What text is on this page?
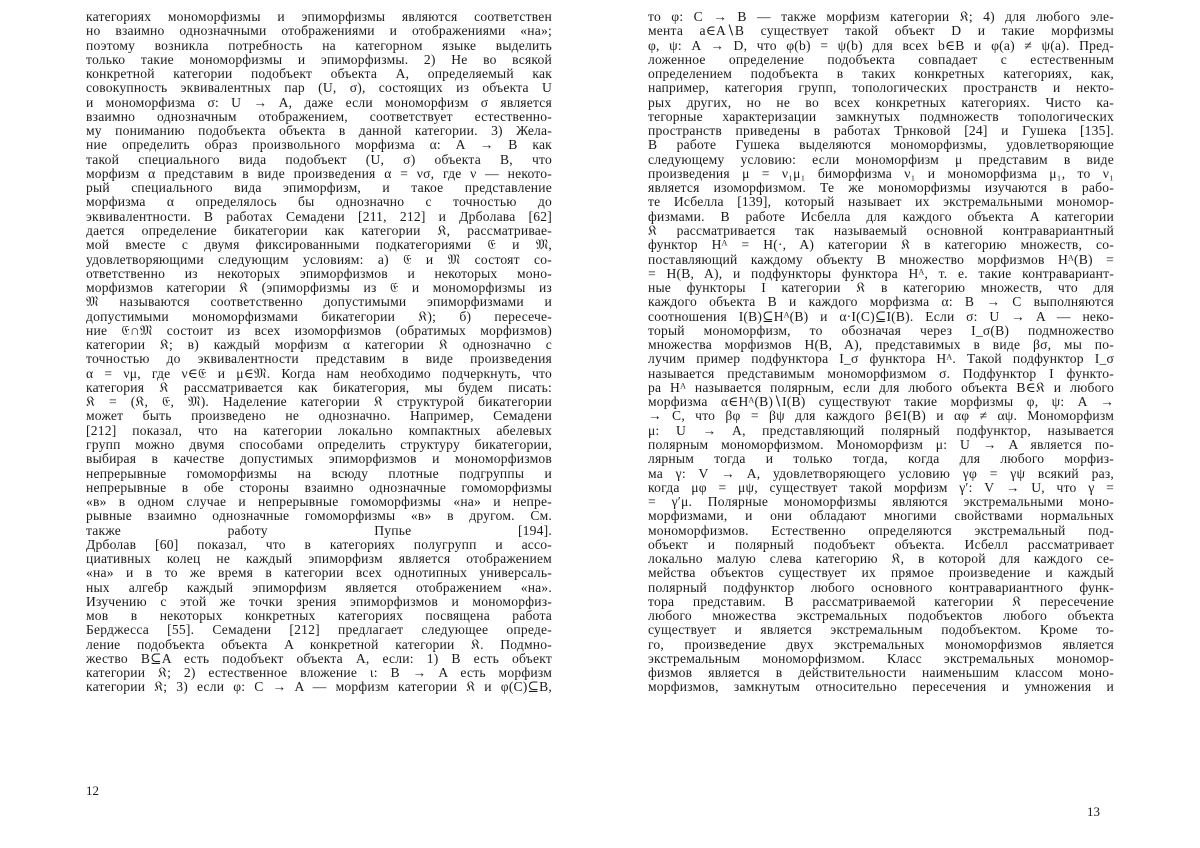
категориях мономорфизмы и эпиморфизмы являются соответствен
но взаимно однозначными отображениями и отображениями «на»;
поэтому возникла потребность на категорном языке выделить
только такие мономорфизмы и эпиморфизмы. 2) Не во всякой
конкретной категории подобъект объекта A, определяемый как
совокупность эквивалентных пар (U, σ), состоящих из объекта U
и мономорфизма σ: U → A, даже если мономорфизм σ является
взаимно однозначным отображением, соответствует естественно-
му пониманию подобъекта объекта в данной категории. 3) Жела-
ние определить образ произвольного морфизма α: A → B как
такой специального вида подобъект (U, σ) объекта B, что
морфизм α представим в виде произведения α = νσ, где ν — некото-
рый специального вида эпиморфизм, и такое представление
морфизма α определялось бы однозначно с точностью до
эквивалентности. В работах Семадени [211, 212] и Дрболава [62]
дается определение бикатегории как категории 𝔎, рассматривае-
мой вместе с двумя фиксированными подкатегориями 𝔈 и 𝔐,
удовлетворяющими следующим условиям: а) 𝔈 и 𝔐 состоят со-
ответственно из некоторых эпиморфизмов и некоторых моно-
морфизмов категории 𝔎 (эпиморфизмы из 𝔈 и мономорфизмы из
𝔐 называются соответственно допустимыми эпиморфизмами и
допустимыми мономорфизмами бикатегории 𝔎); б) пересече-
ние 𝔈∩𝔐 состоит из всех изоморфизмов (обратимых морфизмов)
категории 𝔎; в) каждый морфизм α категории 𝔎 однозначно с
точностью до эквивалентности представим в виде произведения
α = νμ, где ν∈𝔈 и μ∈𝔐. Когда нам необходимо подчеркнуть, что
категория 𝔎 рассматривается как бикатегория, мы будем писать:
𝔎 = (𝔎, 𝔈, 𝔐). Наделение категории 𝔎 структурой бикатегории
может быть произведено не однозначно. Например, Семадени
[212] показал, что на категории локально компактных абелевых
групп можно двумя способами определить структуру бикатегории,
выбирая в качестве допустимых эпиморфизмов и мономорфизмов
непрерывные гомоморфизмы на всюду плотные подгруппы и
непрерывные в обе стороны взаимно однозначные гомоморфизмы
«в» в одном случае и непрерывные гомоморфизмы «на» и непре-
рывные взаимно однозначные гомоморфизмы «в» в другом. См.
также работу Пупье [194].
Дрболав [60] показал, что в категориях полугрупп и ассо-
циативных колец не каждый эпиморфизм является отображением
«на» и в то же время в категории всех однотипных универсаль-
ных алгебр каждый эпиморфизм является отображением «на».
Изучению с этой же точки зрения эпиморфизмов и мономорфиз-
мов в некоторых конкретных категориях посвящена работа
Берджесса [55]. Семадени [212] предлагает следующее опреде-
ление подобъекта объекта A конкретной категории 𝔎. Подмно-
жество B⊆A есть подобъект объекта A, если: 1) B есть объект
категории 𝔎; 2) естественное вложение ι: B → A есть морфизм
категории 𝔎; 3) если φ: C → A — морфизм категории 𝔎 и φ(C)⊆B,
12
то φ: C → B — также морфизм категории 𝔎; 4) для любого эле-
мента a∈A∖B существует такой объект D и такие морфизмы
φ, ψ: A → D, что φ(b) = ψ(b) для всех b∈B и φ(a) ≠ ψ(a). Пред-
ложенное определение подобъекта совпадает с естественным
определением подобъекта в таких конкретных категориях, как,
например, категория групп, топологических пространств и некто-
рых других, но не во всех конкретных категориях. Чисто ка-
тегорные характеризации замкнутых подмножеств топологических
пространств приведены в работах Трнковой [24] и Гушека [135].
В работе Гушека выделяются мономорфизмы, удовлетворяющие
следующему условию: если мономорфизм μ представим в виде
произведения μ = ν₁μ₁ биморфизма ν₁ и мономорфизма μ₁, то ν₁
является изоморфизмом. Те же мономорфизмы изучаются в рабо-
те Исбелла [139], который называет их экстремальными мономор-
физмами. В работе Исбелла для каждого объекта A категории
𝔎 рассматривается так называемый основной контравариантный
функтор Hᴬ = H(·, A) категории 𝔎 в категорию множеств, со-
поставляющий каждому объекту B множество морфизмов Hᴬ(B) =
= H(B, A), и подфункторы функтора Hᴬ, т. е. такие контравариант-
ные функторы I категории 𝔎 в категорию множеств, что для
каждого объекта B и каждого морфизма α: B → C выполняются
соотношения I(B)⊆Hᴬ(B) и α·I(C)⊆I(B). Если σ: U → A — неко-
торый мономорфизм, то обозначая через I_σ(B) подмножество
множества морфизмов H(B, A), представимых в виде βσ, мы по-
лучим пример подфунктора I_σ функтора Hᴬ. Такой подфунктор I_σ
называется представимым мономорфизмом σ. Подфунктор I функто-
ра Hᴬ называется полярным, если для любого объекта B∈𝔎 и любого
морфизма α∈Hᴬ(B)∖I(B) существуют такие морфизмы φ, ψ: A →
→ C, что βφ = βψ для каждого β∈I(B) и αφ ≠ αψ. Мономорфизм
μ: U → A, представляющий полярный подфунктор, называется
полярным мономорфизмом. Мономорфизм μ: U → A является по-
лярным тогда и только тогда, когда для любого морфиз-
ма γ: V → A, удовлетворяющего условию γφ = γψ всякий раз,
когда μφ = μψ, существует такой морфизм γ′: V → U, что γ =
= γ′μ. Полярные мономорфизмы являются экстремальными моно-
морфизмами, и они обладают многими свойствами нормальных
мономорфизмов. Естественно определяются экстремальный под-
объект и полярный подобъект объекта. Исбелл рассматривает
локально малую слева категорию 𝔎, в которой для каждого се-
мейства объектов существует их прямое произведение и каждый
полярный подфунктор любого основного контравариантного функ-
тора представим. В рассматриваемой категории 𝔎 пересечение
любого множества экстремальных подобъектов любого объекта
существует и является экстремальным подобъектом. Кроме то-
го, произведение двух экстремальных мономорфизмов является
экстремальным мономорфизмом. Класс экстремальных мономор-
физмов является в действительности наименьшим классом моно-
морфизмов, замкнутым относительно пересечения и умножения и
13
